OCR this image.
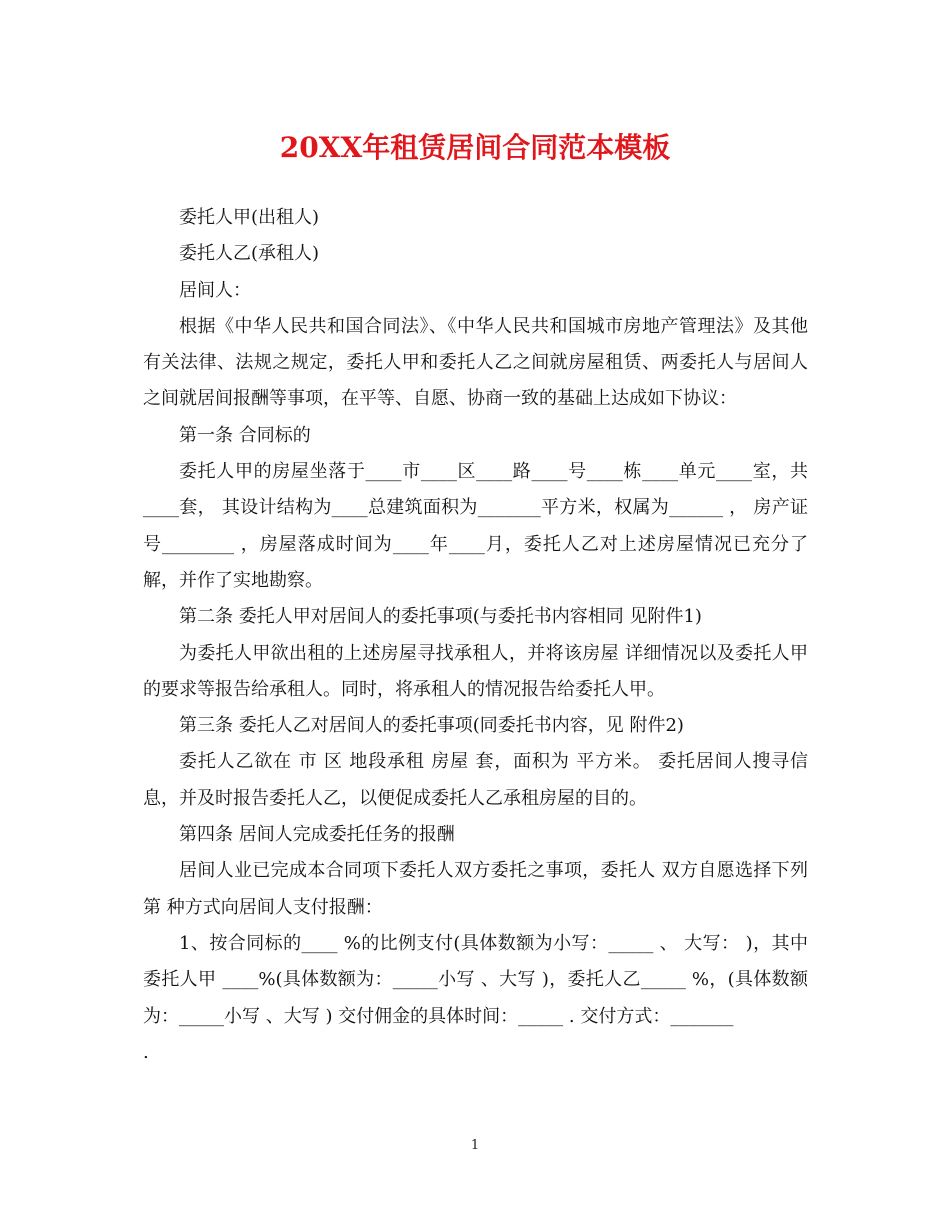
20XX年租赁居间合同范本模板

委托人甲(出租人)

委托人乙(承租人)

居间人：

根据《中华人民共和国合同法》、《中华人民共和国城市房地产管理法》及其他有关法律、法规之规定，委托人甲和委托人乙之间就房屋租赁、两委托人与居间人之间就居间报酬等事项，在平等、自愿、协商一致的基础上达成如下协议：

第一条 合同标的

委托人甲的房屋坐落于____市____区____路____号____栋____单元____室，共____套， 其设计结构为____总建筑面积为_______平方米，权属为______ ， 房产证号________ ，房屋落成时间为____年____月，委托人乙对上述房屋情况已充分了解，并作了实地勘察。

第二条 委托人甲对居间人的委托事项(与委托书内容相同 见附件1)

为委托人甲欲出租的上述房屋寻找承租人，并将该房屋 详细情况以及委托人甲的要求等报告给承租人。同时，将承租人的情况报告给委托人甲。

第三条 委托人乙对居间人的委托事项(同委托书内容，见 附件2)

委托人乙欲在 市 区 地段承租 房屋 套，面积为 平方米。 委托居间人搜寻信息，并及时报告委托人乙，以便促成委托人乙承租房屋的目的。

第四条 居间人完成委托任务的报酬

居间人业已完成本合同项下委托人双方委托之事项，委托人 双方自愿选择下列第 种方式向居间人支付报酬：

1、按合同标的____ %的比例支付(具体数额为小写：_____ 、 大写： )，其中委托人甲 ____%(具体数额为：_____小写 、大写 )，委托人乙_____ %，(具体数额为：_____小写 、大写 ) 交付佣金的具体时间：_____ . 交付方式：_______

.

1
